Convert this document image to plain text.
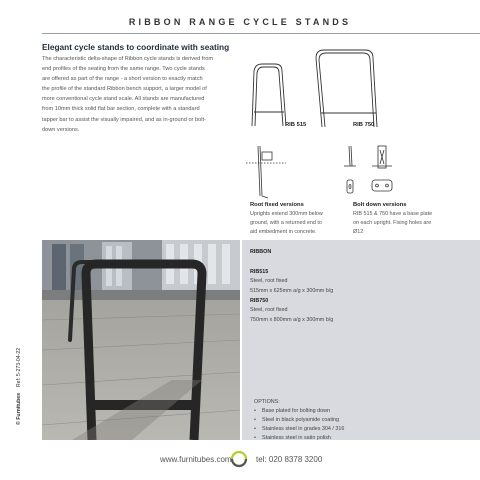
RIBBON RANGE CYCLE STANDS
Elegant cycle stands to coordinate with seating
The characteristic delta-shape of Ribbon cycle stands is derived from
end profiles of the seating from the same range. Two cycle stands
are offered as part of the range - a short version to exactly match
the profile of the standard Ribbon bench support, a larger model of
more conventional cycle stand scale. All stands are manufactured
from 10mm thick solid flat bar section, complete with a standard
tapper bar to assist the visually impaired, and as in-ground or bolt-
down versions.
RIB 515	RIB 750
Root fixed versions
Uprights extend 300mm below
ground, with a returned end to
aid embedment in concrete.
Bolt down versions
RIB 515 & 750 have a base plate
on each upright. Fixing holes are
Ø12
RIBBON
RIB515
Steel, root fixed
515mm x 625mm a/g x 300mm b/g
RIB750
Steel, root fixed
750mm x 800mm a/g x 300mm b/g
OPTIONS:
• Base plated for bolting down
• Steel in black polyamide coating
• Stainless steel in grades 304 / 316
• Stainless steel in satin polish
© Furnitubes    Ref: 5-273-04-22
www.furnitubes.com	tel: 020 8378 3200
